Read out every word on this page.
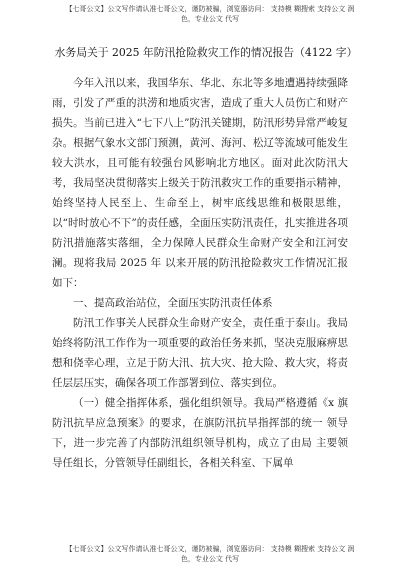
【七哥公文】公文写作请认准七哥公文，谨防被骗，浏览器访问： 支持模 糊搜索 支持公文 润色，专业公文 代写
水务局关于 2025 年防汛抢险救灾工作的情况报告（4122 字）

今年入汛以来，我国华东、华北、东北等多地遭遇持续强降雨，引发了严重的洪涝和地质灾害，造成了重大人员伤亡和财产损失。当前已进入“七下八上”防汛关键期，防汛形势异常严峻复杂。根据气象水文部门预测，黄河、海河、松辽等流域可能发生较大洪水，且可能有较强台风影响北方地区。面对此次防汛大考，我局坚决贯彻落实上级关于防汛救灾工作的重要指示精神，始终坚持人民至上、生命至上，树牢底线思维和极限思维，以“时时放心不下”的责任感，全面压实防汛责任，扎实推进各项防汛措施落实落细，全力保障人民群众生命财产安全和江河安澜。现将我局 2025 年 以来开展的防汛抢险救灾工作情况汇报如下：

一、提高政治站位，全面压实防汛责任体系

防汛工作事关人民群众生命财产安全，责任重于泰山。我局始终将防汛工作作为一项重要的政治任务来抓，坚决克服麻痹思想和侥幸心理，立足于防大汛、抗大灾、抢大险、救大灾，将责任层层压实，确保各项工作部署到位、落实到位。

（一）健全指挥体系，强化组织领导。我局严格遵循《x 旗防汛抗旱应急预案》的要求，在旗防汛抗旱指挥部的统一 领导下，进一步完善了内部防汛组织领导机构，成立了由局 主要领导任组长，分管领导任副组长，各相关科室、下属单

【七哥公文】公文写作请认准七哥公文，谨防被骗，浏览器访问： 支持模 糊搜索 支持公文 润色，专业公文 代写
